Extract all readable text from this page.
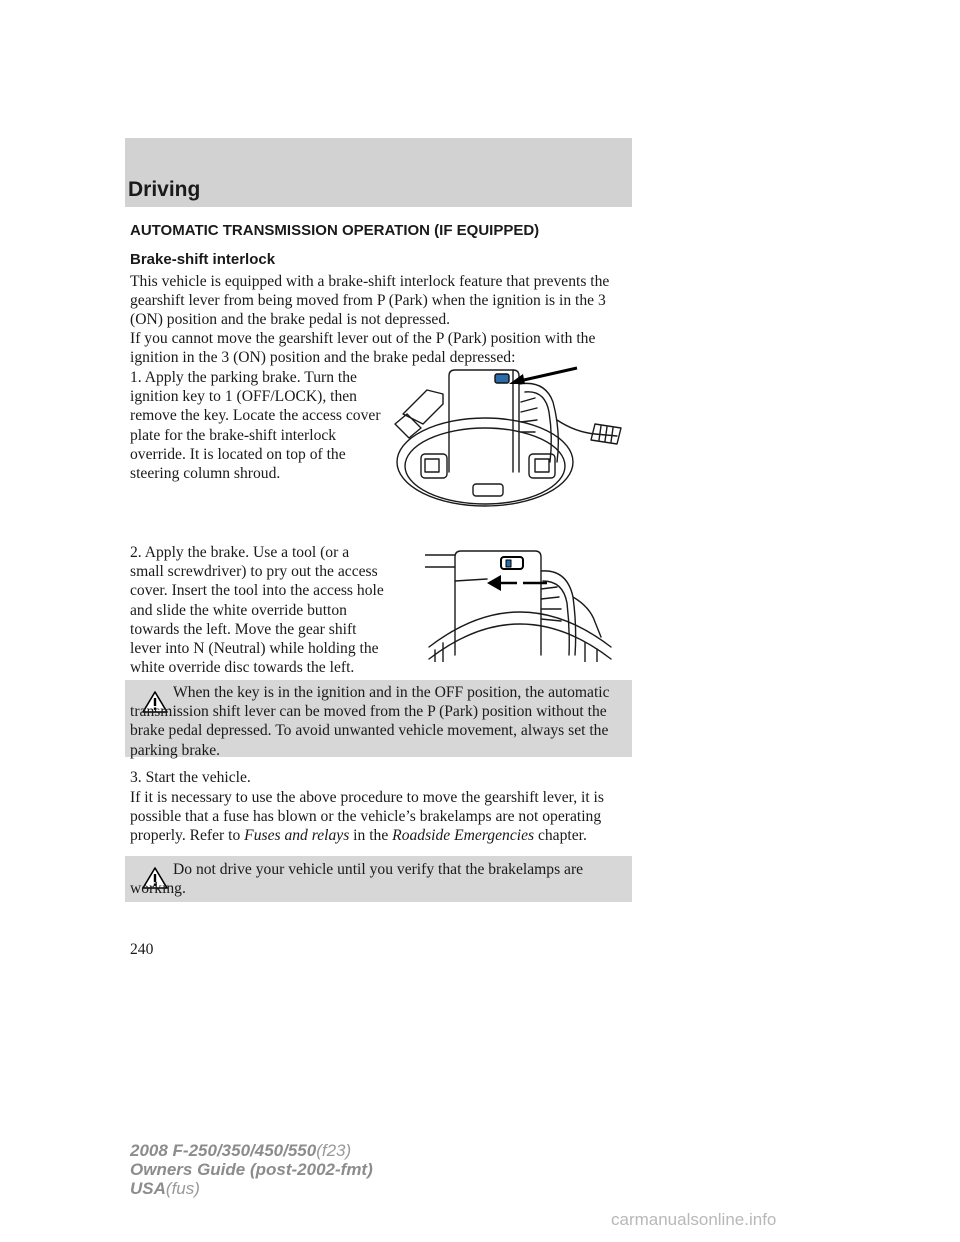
Driving
AUTOMATIC TRANSMISSION OPERATION (IF EQUIPPED)
Brake-shift interlock

This vehicle is equipped with a brake-shift interlock feature that prevents the gearshift lever from being moved from P (Park) when the ignition is in the 3 (ON) position and the brake pedal is not depressed.

If you cannot move the gearshift lever out of the P (Park) position with the ignition in the 3 (ON) position and the brake pedal depressed:

1. Apply the parking brake. Turn the ignition key to 1 (OFF/LOCK), then remove the key. Locate the access cover plate for the brake-shift interlock override. It is located on top of the steering column shroud.

2. Apply the brake. Use a tool (or a small screwdriver) to pry out the access cover. Insert the tool into the access hole and slide the white override button towards the left. Move the gear shift lever into N (Neutral) while holding the white override disc towards the left.

When the key is in the ignition and in the OFF position, the automatic transmission shift lever can be moved from the P (Park) position without the brake pedal depressed. To avoid unwanted vehicle movement, always set the parking brake.

3. Start the vehicle.

If it is necessary to use the above procedure to move the gearshift lever, it is possible that a fuse has blown or the vehicle’s brakelamps are not operating properly. Refer to Fuses and relays in the Roadside Emergencies chapter.

Do not drive your vehicle until you verify that the brakelamps are working.

240
2008 F-250/350/450/550(f23)
Owners Guide (post-2002-fmt)
USA(fus)
carmanualsonline.info
